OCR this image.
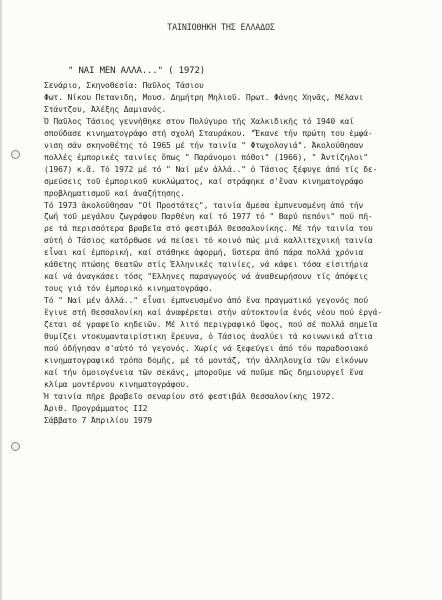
ΤΑΙΝΙΟΘΗΚΗ ΤΗΣ ΕΛΛΑΔΟΣ
" ΝΑΙ ΜΕΝ ΑΛΛΑ..." ( 1972)
Σενάριο, Σκηνοθεσία: Παῦλος Τάσιου
Φωτ. Νίκου Πετανιδη, Μουσ. Δημήτρη Μηλιοῦ. Πρωτ. Φάνης Χηνᾶς, Μέλανι
Στάντζου, Ἀλέξης Δαμιανός.
Ὁ Παῦλος Τάσιος γεννήθηκε στον Πολύγυρο τῆς Χαλκιδικῆς τό 1940 καί
σπούδασε κινηματογράφο στή σχολή Σταυράκου. "Ἔκανε τήν πρώτη του ἐμφά-
νιση σάν σκηνοθέτης τό 1965 μέ τήν ταινία " Φτωχολογιά". Ἀκολούθησαν
πολλές ἐμπορικές ταινίες ὅπως " Παράνομοι πόθοι" (1966), " Ἀντίζηλοι"
(1967) κ.ἄ. Τό 1972 μέ τό " Ναί μέν ἀλλά.." ὁ Τάσιος ξέφυγε ἀπό τίς δε-
σμεύσεις τοῦ ἐμπορικοῦ κυκλώματος, καί στράφηκε σ'ἕναν κινηματογράφο
προβληματισμοῦ καί ἀναζήτησης.
Τό 1973 ἀκολούθησαν "Οἱ Προστάτες", ταινία ἄμεσα ἐμπνευσμένη ἀπό τήν
ζωή τοῦ μεγάλου ζωγράφου Παρθένη καί τό 1977 τό " Βαρύ πεπόνι" πού πῆ-
ρε τά περισσότερα βραβεῖα στό φεστιβάλ Θεσσαλονίκης. Μέ τήν ταινία του
αὐτή ὁ Τάσιος κατόρθωσε νά πείσει τό κοινό πώς μιά καλλιτεχνική ταινία
εἶναι καί ἐμπορική, καί στάθηκε ἀφορμή, ὕστερα ἀπό πάρα πολλά χρόνια
κάθετης πτώσης θεατῶν στίς Ἑλληνικές ταινίες, νά κάφει τόσα εἰσιτήρια
καί νά ἀναγκάσει τόσς "Ελληνες παραγωγούς νά ἀναθεωρήσουν τίς ἀπόψεις
τους γιά τόν ἐμπορικό κινηματογράφο.
Τό " Ναί μέν ἀλλά.." εἶναι ἐμπνευσμένο ἀπό ἕνα πραγματικό γεγονός πού
ἔγινε στή Θεσσαλονίκη καί ἀναφέρεται στήν αὐτοκτονία ἑνός νέου πού ἐργά-
ζεται σέ γραφεῖο κηδειῶν. Μέ λιτό περιγραφικό ὕφος, πού σέ πολλά σημεῖα
θυμίζει ντοκυμανταιρίστικη ἔρευνα, ὁ Τάσιος ἀναλύει τά κοινωνικά αἴτια
πού ὁδήγησαν σ'αὐτό τό γεγονός. Χωρίς νά ξεφεύγει ἀπό τόν παραδοσιακό
κινηματογραφικό τρόπο δομῆς, μέ τό μοντάζ, τήν ἀλληλουχία τῶν εἰκόνων
καί τήν ὁμοιογένεια τῶν σεκάνς, μποροῦμε νά ποῦμε πῶς δημιουργεῖ ἕνα
κλίμα μοντέρνου κινηματογράφου.
Ἡ ταινία πῆρε βραβεῖο σεναρίου στό φεστιβάλ Θεσσαλονίκης 1972.
Ἀριθ. Προγράμματος ΙΙ2
Σάββατο 7 Ἀπριλίου 1979
